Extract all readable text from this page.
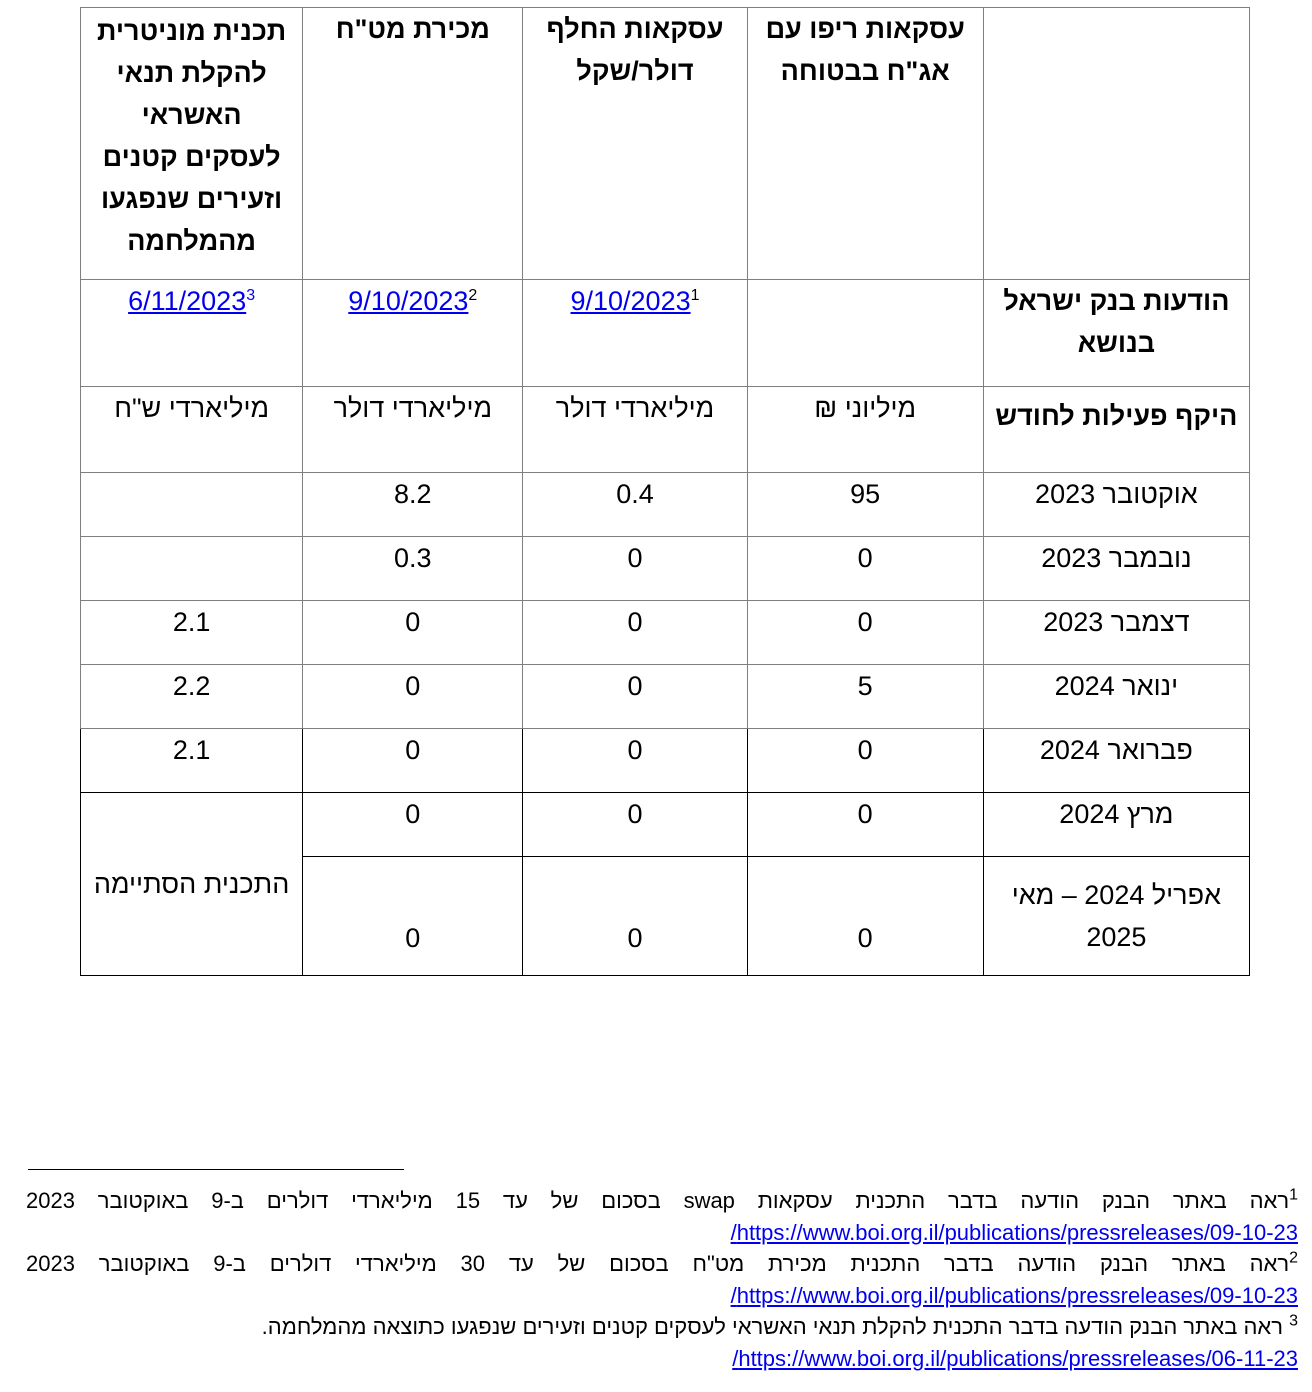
	עסקאות ריפו עם אג"ח בבטוחה	עסקאות החלף דולר/שקל	מכירת מט"ח	תכנית מוניטרית להקלת תנאי האשראי לעסקים קטנים וזעירים שנפגעו מהמלחמה
הודעות בנק ישראל בנושא		9/10/2023$^1$	9/10/2023$^2$	6/11/2023$^3$
היקף פעילות לחודש	מיליוני ₪	מיליארדי דולר	מיליארדי דולר	מיליארדי ש"ח
אוקטובר 2023	95	0.4	8.2	
נובמבר 2023	0	0	0.3	
דצמבר 2023	0	0	0	2.1
ינואר 2024	5	0	0	2.2
פברואר 2024	0	0	0	2.1
מרץ 2024	0	0	0	התכנית הסתיימה
אפריל 2024 – מאי 2025	0	0	0	
$^1$ראה באתר הבנק הודעה בדבר התכנית עסקאות swap בסכום של עד 15 מיליארדי דולרים ב-9 באוקטובר 2023
https://www.boi.org.il/publications/pressreleases/09-10-23/
$^2$ראה באתר הבנק הודעה בדבר התכנית מכירת מט"ח בסכום של עד 30 מיליארדי דולרים ב-9 באוקטובר 2023
https://www.boi.org.il/publications/pressreleases/09-10-23/
$^3$ ראה באתר הבנק הודעה בדבר התכנית להקלת תנאי האשראי לעסקים קטנים וזעירים שנפגעו כתוצאה מהמלחמה.
https://www.boi.org.il/publications/pressreleases/06-11-23/
